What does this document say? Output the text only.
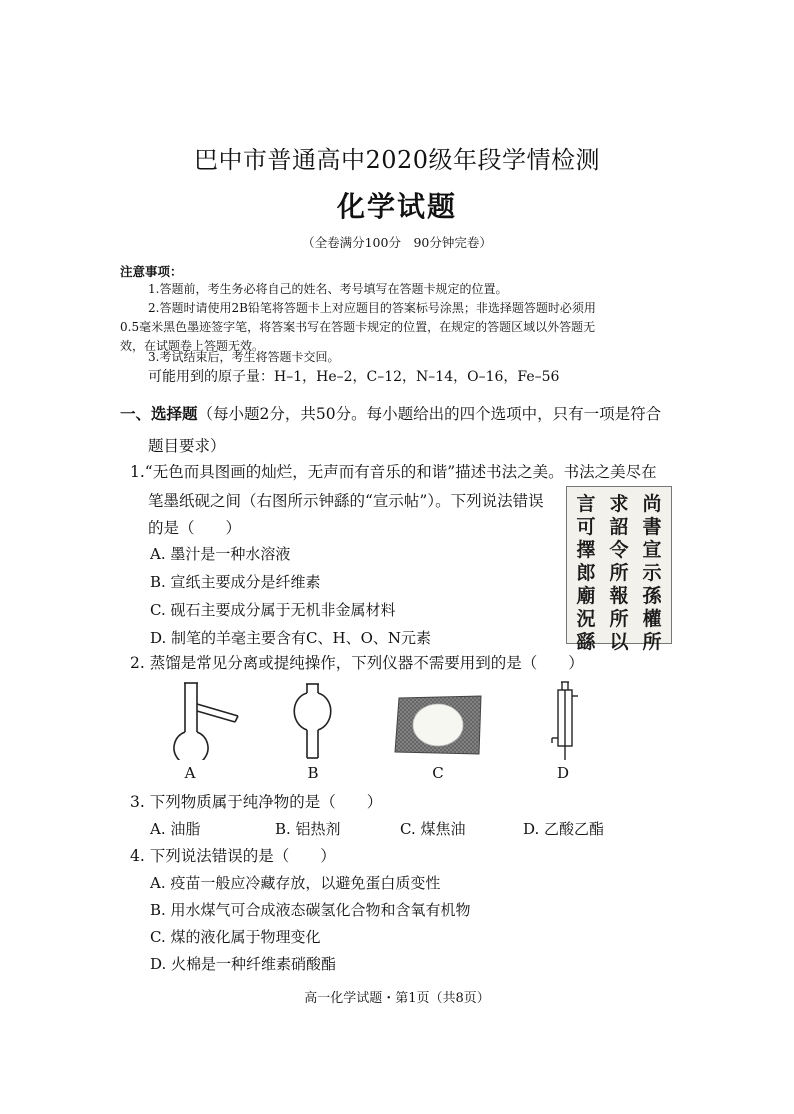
巴中市普通高中2020级年段学情检测
化学试题
（全卷满分100分　90分钟完卷）
注意事项：
1.答题前，考生务必将自己的姓名、考号填写在答题卡规定的位置。
2.答题时请使用2B铅笔将答题卡上对应题目的答案标号涂黑；非选择题答题时必须用
0.5毫米黑色墨迹签字笔，将答案书写在答题卡规定的位置，在规定的答题区域以外答题无
效，在试题卷上答题无效。
3.考试结束后，考生将答题卡交回。
可能用到的原子量：H–1，He–2，C–12，N–14，O–16，Fe–56
一、选择题（每小题2分，共50分。每小题给出的四个选项中，只有一项是符合
题目要求）
1.“无色而具图画的灿烂，无声而有音乐的和谐”描述书法之美。书法之美尽在
笔墨纸砚之间（右图所示钟繇的“宣示帖”）。下列说法错误
的是（　　）
A. 墨汁是一种水溶液
B. 宣纸主要成分是纤维素
C. 砚石主要成分属于无机非金属材料
D. 制笔的羊毫主要含有C、H、O、N元素
尚
書
宣
示
孫
權
所
求
詔
令
所
報
所
以
言
可
擇
郎
廟
況
繇
2. 蒸馏是常见分离或提纯操作，下列仪器不需要用到的是（　　）
A	B	C	D
3. 下列物质属于纯净物的是（　　）
A. 油脂	B. 铝热剂	C. 煤焦油	D. 乙酸乙酯
4. 下列说法错误的是（　　）
A. 疫苗一般应冷藏存放，以避免蛋白质变性
B. 用水煤气可合成液态碳氢化合物和含氧有机物
C. 煤的液化属于物理变化
D. 火棉是一种纤维素硝酸酯
高一化学试题・第1页（共8页）
